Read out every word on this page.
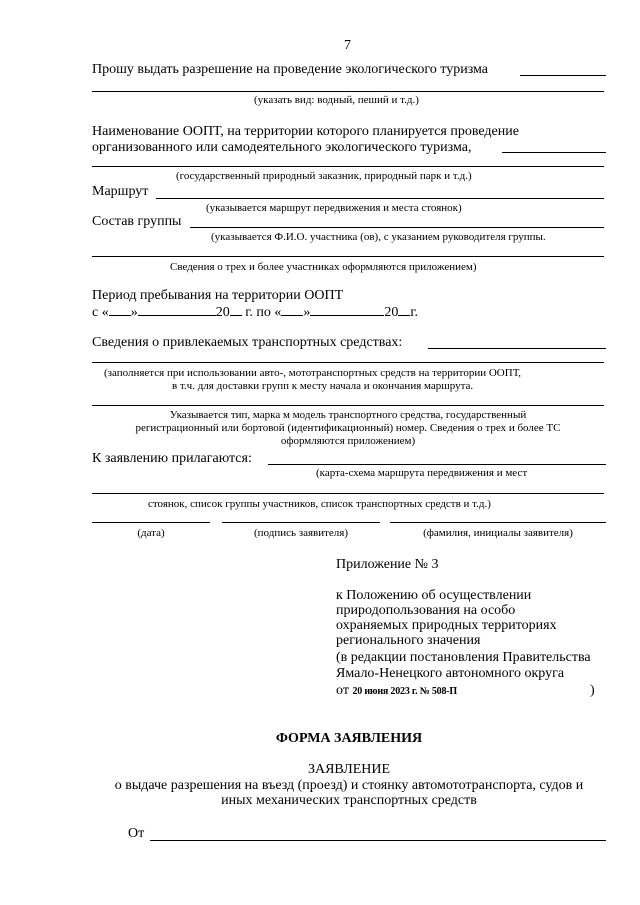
7
Прошу выдать разрешение на проведение экологического туризма
(указать вид: водный, пеший и т.д.)
Наименование ООПТ, на территории которого планируется проведение
организованного или самодеятельного экологического туризма,
(государственный природный заказник, природный парк и т.д.)
Маршрут
(указывается маршрут передвижения и места стоянок)
Состав группы
(указывается Ф.И.О. участника (ов), с указанием руководителя группы.
Сведения о трех и более участниках оформляются приложением)
Период пребывания на территории ООПТ
с « »	20 г. по « »	20 г.
Сведения о привлекаемых транспортных средствах:
(заполняется при использовании авто-, мототранспортных средств на территории ООПТ,
в т.ч. для доставки групп к месту начала и окончания маршрута.
Указывается тип, марка м модель транспортного средства, государственный
регистрационный или бортовой (идентификационный) номер. Сведения о трех и более ТС
оформляются приложением)
К заявлению прилагаются:
(карта-схема маршрута передвижения и мест
стоянок, список группы участников, список транспортных средств и т.д.)
(дата)	(подпись заявителя)	(фамилия, инициалы заявителя)
Приложение № 3
к Положению об осуществлении
природопользования на особо
охраняемых природных территориях
регионального значения
(в редакции постановления Правительства
Ямало-Ненецкого автономного округа
от 20 июня 2023 г. № 508-П	)
ФОРМА ЗАЯВЛЕНИЯ
ЗАЯВЛЕНИЕ
о выдаче разрешения на въезд (проезд) и стоянку автомототранспорта, судов и
иных механических транспортных средств
От
